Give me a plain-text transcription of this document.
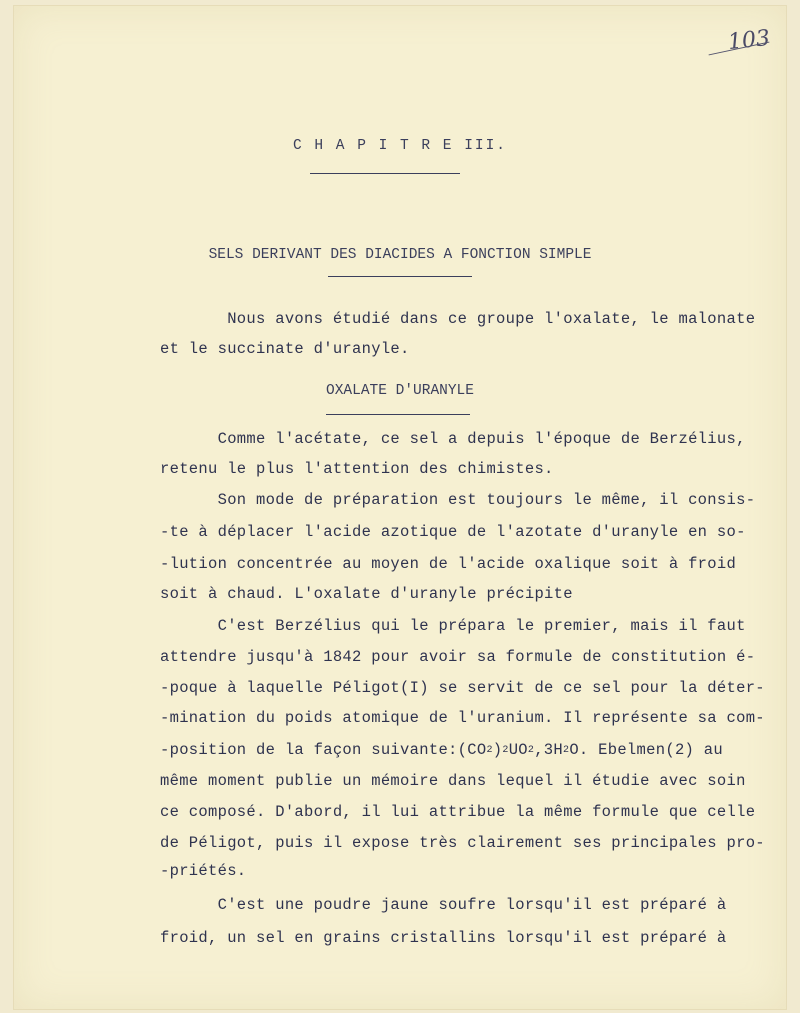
103
C H A P I T R E III.
SELS DERIVANT DES DIACIDES A FONCTION SIMPLE
Nous avons étudié dans ce groupe l'oxalate, le malonate
et le succinate d'uranyle.
OXALATE D'URANYLE
Comme l'acétate, ce sel a depuis l'époque de Berzélius,
retenu le plus l'attention des chimistes.
Son mode de préparation est toujours le même, il consis-
-te à déplacer l'acide azotique de l'azotate d'uranyle en so-
-lution concentrée au moyen de l'acide oxalique soit à froid
soit à chaud. L'oxalate d'uranyle précipite
C'est Berzélius qui le prépara le premier, mais il faut
attendre jusqu'à 1842 pour avoir sa formule de constitution é-
-poque à laquelle Péligot(I) se servit de ce sel pour la déter-
-mination du poids atomique de l'uranium. Il représente sa com-
-position de la façon $suivante:(CO^2)^2UO^2,3H^2O$. Ebelmen(2) au
même moment publie un mémoire dans lequel il étudie avec soin
ce composé. D'abord, il lui attribue la même formule que celle
de Péligot, puis il expose très clairement ses principales pro-
-priétés.
C'est une poudre jaune soufre lorsqu'il est préparé à
froid, un sel en grains cristallins lorsqu'il est préparé à
